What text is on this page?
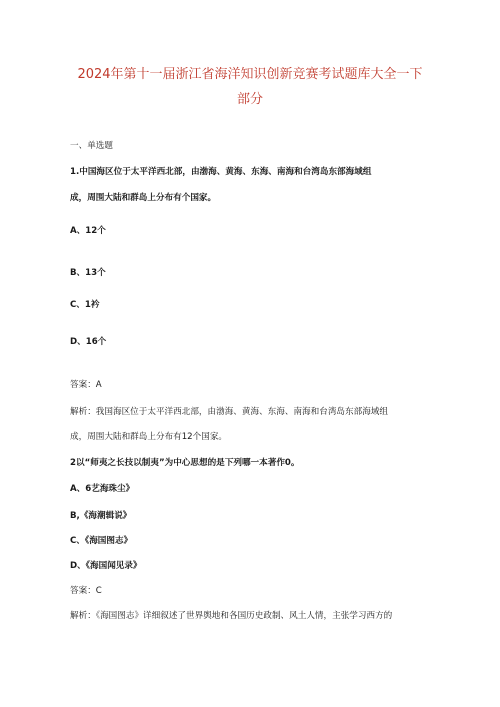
2024年第十一届浙江省海洋知识创新竞赛考试题库大全一下
部分
一、单选题
1.中国海区位于太平洋西北部，由渤海、黄海、东海、南海和台湾岛东部海域组
成，周围大陆和群岛上分布有个国家。
A、12个
B、13个
C、1衿
D、16个
答案：A
解析：我国海区位于太平洋西北部，由渤海、黄海、东海、南海和台湾岛东部海域组
成，周围大陆和群岛上分布有12个国家。
2以“师夷之长技以制夷”为中心思想的是下列哪一本著作0。
A、6艺海珠尘》
B,《海潮辑说》
C、《海国图志》
D、《海国闻见录》
答案：C
解析：《海国图志》详细叙述了世界舆地和各国历史政制、风土人情，主张学习西方的
